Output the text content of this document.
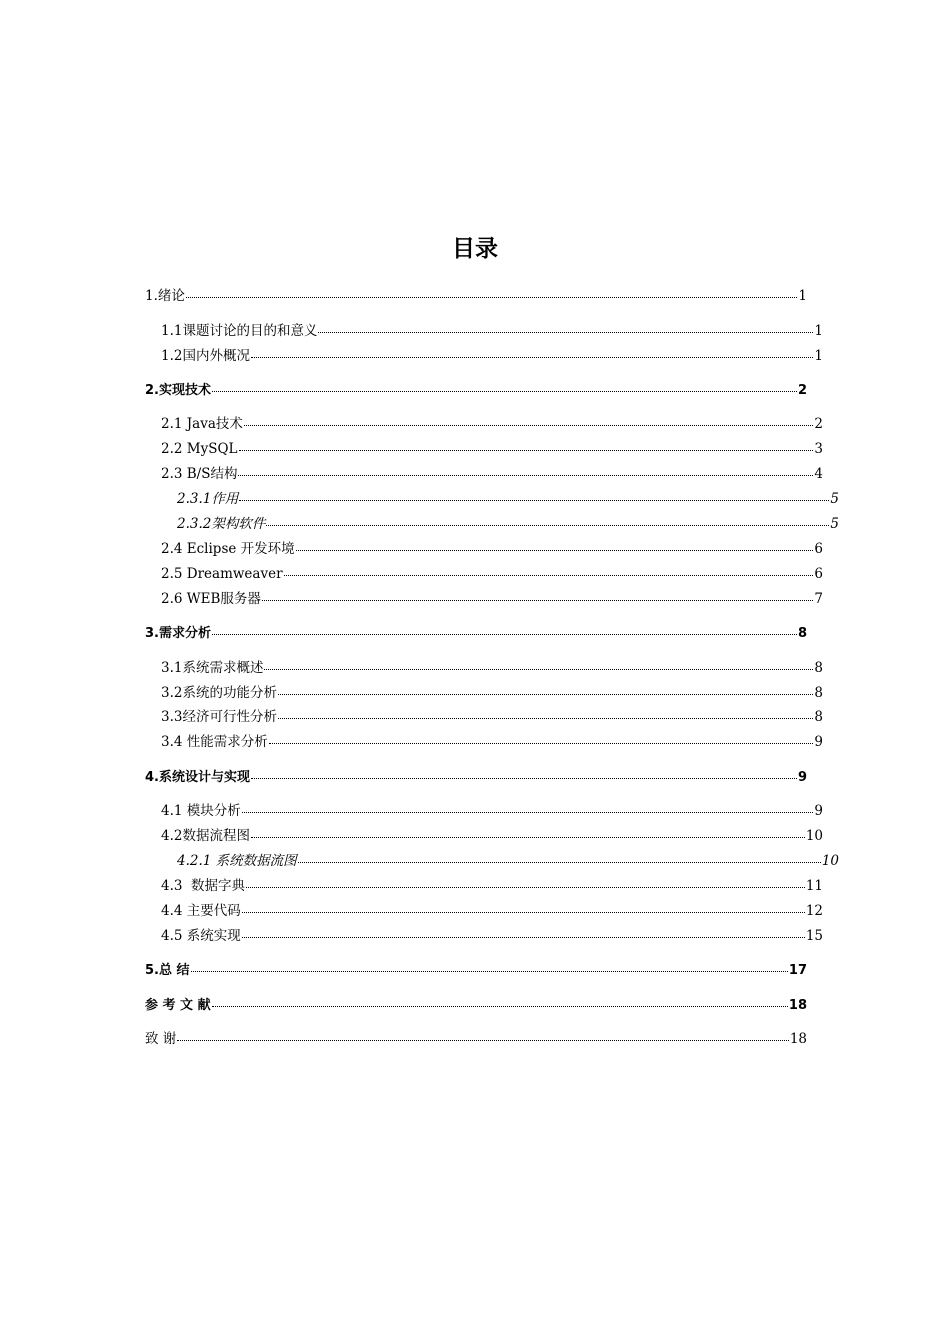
目录
1.绪论	1
1.1课题讨论的目的和意义	1
1.2国内外概况	1
2.实现技术	2
2.1 Java技术	2
2.2 MySQL	3
2.3 B/S结构	4
2.3.1作用	5
2.3.2架构软件	5
2.4 Eclipse 开发环境	6
2.5 Dreamweaver	6
2.6 WEB服务器	7
3.需求分析	8
3.1系统需求概述	8
3.2系统的功能分析	8
3.3经济可行性分析	8
3.4 性能需求分析	9
4.系统设计与实现	9
4.1 模块分析	9
4.2数据流程图	10
4.2.1 系统数据流图	10
4.3  数据字典	11
4.4 主要代码	12
4.5 系统实现	15
5.总 结	17
参 考 文 献	18
致 谢	18
